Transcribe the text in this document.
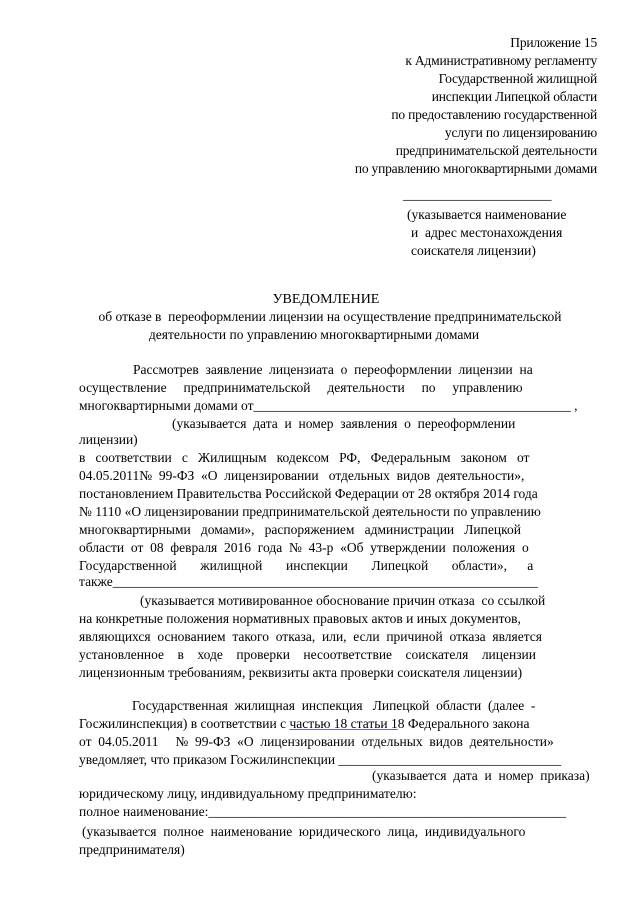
Приложение 15
к Административному регламенту
Государственной жилищной
инспекции Липецкой области
по предоставлению государственной
услуги по лицензированию
предпринимательской деятельности
по управлению многоквартирными домами
______________________
(указывается наименование
и  адрес местонахождения
соискателя лицензии)
УВЕДОМЛЕНИЕ
об отказе в  переоформлении лицензии на осуществление предпринимательской
деятельности по управлению многоквартирными домами
Рассмотрев  заявление  лицензиата  о  переоформлении  лицензии  на
осуществление     предпринимательской     деятельности     по     управлению
многоквартирными домами от_______________________________________________ ,
(указывается  дата  и  номер  заявления  о  переоформлении
лицензии)
в   соответствии   с   Жилищным   кодексом   РФ,   Федеральным   законом   от
04.05.2011№  99-ФЗ  «О  лицензировании   отдельных  видов  деятельности»,
постановлением Правительства Российской Федерации от 28 октября 2014 года
№ 1110 «О лицензировании предпринимательской деятельности по управлению
многоквартирными   домами»,   распоряжением   администрации   Липецкой
области  от  08  февраля  2016  года  №  43-р  «Об  утверждении  положения  о
Государственной       жилищной       инспекции       Липецкой       области»,      а
также_______________________________________________________________
(указывается мотивированное обоснование причин отказа  со ссылкой
на конкретные положения нормативных правовых актов и иных документов,
являющихся  основанием  такого  отказа,  или,  если  причиной  отказа  является
установленное    в    ходе    проверки    несоответствие    соискателя    лицензии
лицензионным требованиям, реквизиты акта проверки соискателя лицензии)
Государственная  жилищная  инспекция   Липецкой  области  (далее  -
Госжилинспекция) в соответствии с частью 18 статьи 18 Федерального закона
от  04.05.2011     №  99-ФЗ  «О  лицензировании  отдельных  видов  деятельности»
уведомляет, что приказом Госжилинспекции _________________________________
(указывается  дата  и  номер  приказа)
юридическому лицу, индивидуальному предпринимателю:
полное наименование:_____________________________________________________
(указывается  полное  наименование  юридического  лица,  индивидуального
предпринимателя)
